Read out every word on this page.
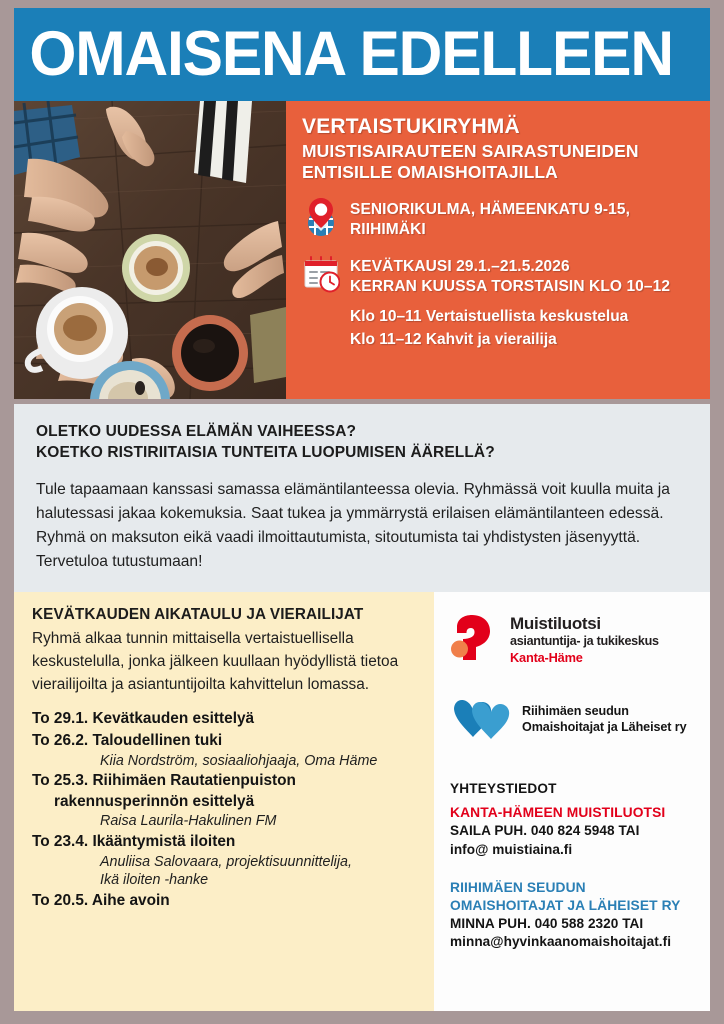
OMAISENA EDELLEEN
VERTAISTUKIRYHMÄ
MUISTISAIRAUTEEN SAIRASTUNEIDEN
ENTISILLE OMAISHOITAJILLA
SENIORIKULMA, HÄMEENKATU 9-15,
RIIHIMÄKI
KEVÄTKAUSI 29.1.–21.5.2026
KERRAN KUUSSA TORSTAISIN KLO 10–12
Klo 10–11 Vertaistuellista keskustelua
Klo 11–12 Kahvit ja vierailija
OLETKO UUDESSA ELÄMÄN VAIHEESSA?
KOETKO RISTIRIITAISIA TUNTEITA LUOPUMISEN ÄÄRELLÄ?
Tule tapaamaan kanssasi samassa elämäntilanteessa olevia. Ryhmässä voit kuulla muita ja halutessasi jakaa kokemuksia. Saat tukea ja ymmärrystä erilaisen elämäntilanteen edessä. Ryhmä on maksuton eikä vaadi ilmoittautumista, sitoutumista tai yhdistysten jäsenyyttä. Tervetuloa tutustumaan!
KEVÄTKAUDEN AIKATAULU JA VIERAILIJAT
Ryhmä alkaa tunnin mittaisella vertaistuellisella keskustelulla, jonka jälkeen kuullaan hyödyllistä tietoa vierailijoilta ja asiantuntijoilta kahvittelun lomassa.
To 29.1. Kevätkauden esittelyä
To 26.2. Taloudellinen tuki
Kiia Nordström, sosiaaliohjaaja, Oma Häme
To 25.3. Riihimäen Rautatienpuiston
rakennusperinnön esittelyä
Raisa Laurila-Hakulinen FM
To 23.4. Ikääntymistä iloiten
Anuliisa Salovaara, projektisuunnittelija,
Ikä iloiten -hanke
To 20.5. Aihe avoin
Muistiluotsi
asiantuntija- ja tukikeskus
Kanta-Häme
Riihimäen seudun
Omaishoitajat ja Läheiset ry
YHTEYSTIEDOT
KANTA-HÄMEEN MUISTILUOTSI
SAILA PUH. 040 824 5948 TAI
info@ muistiaina.fi
RIIHIMÄEN SEUDUN
OMAISHOITAJAT JA LÄHEISET RY
MINNA PUH. 040 588 2320 TAI
minna@hyvinkaanomaishoitajat.fi
